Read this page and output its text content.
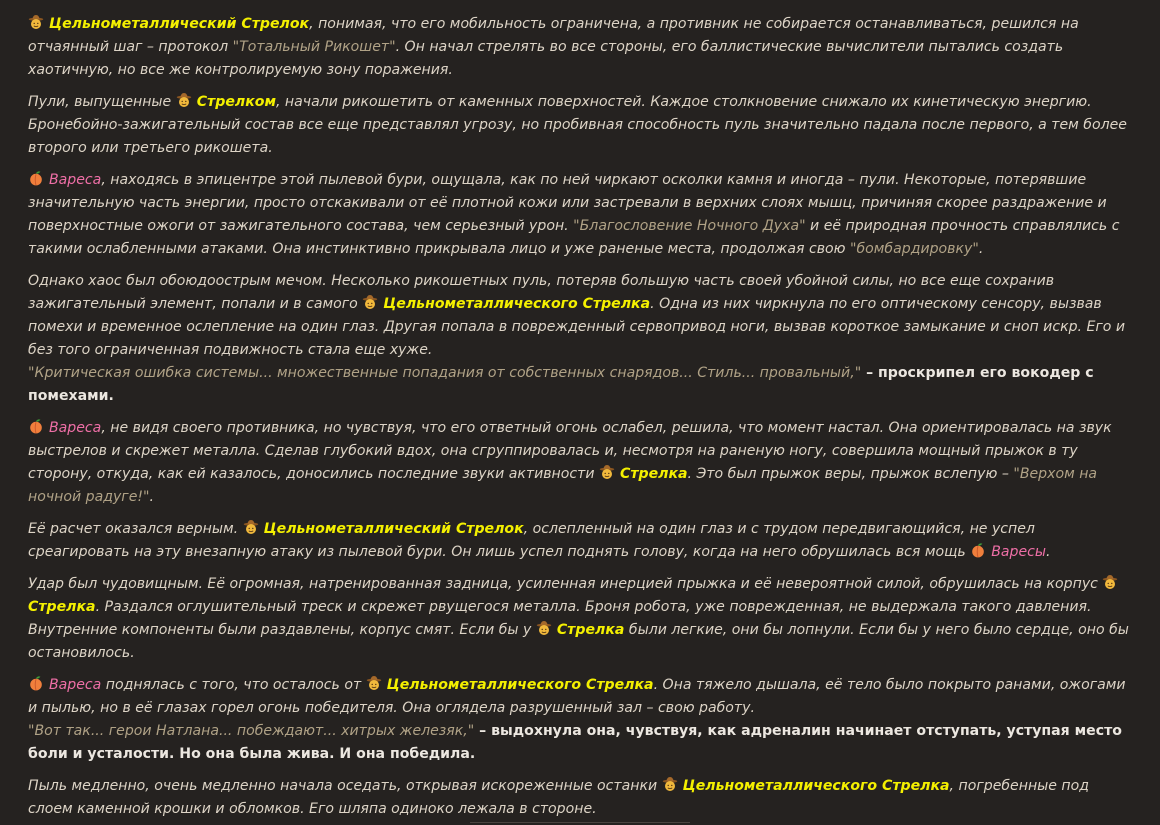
Цельнометаллический Стрелок, понимая, что его мобильность ограничена, а противник не собирается останавливаться, решился на отчаянный шаг – протокол "Тотальный Рикошет". Он начал стрелять во все стороны, его баллистические вычислители пытались создать хаотичную, но все же контролируемую зону поражения.

Пули, выпущенные Стрелком, начали рикошетить от каменных поверхностей. Каждое столкновение снижало их кинетическую энергию. Бронебойно-зажигательный состав все еще представлял угрозу, но пробивная способность пуль значительно падала после первого, а тем более второго или третьего рикошета.

Вареса, находясь в эпицентре этой пылевой бури, ощущала, как по ней чиркают осколки камня и иногда – пули. Некоторые, потерявшие значительную часть энергии, просто отскакивали от её плотной кожи или застревали в верхних слоях мышц, причиняя скорее раздражение и поверхностные ожоги от зажигательного состава, чем серьезный урон. "Благословение Ночного Духа" и её природная прочность справлялись с такими ослабленными атаками. Она инстинктивно прикрывала лицо и уже раненые места, продолжая свою "бомбардировку".

Однако хаос был обоюдоострым мечом. Несколько рикошетных пуль, потеряв большую часть своей убойной силы, но все еще сохранив зажигательный элемент, попали и в самого Цельнометаллического Стрелка. Одна из них чиркнула по его оптическому сенсору, вызвав помехи и временное ослепление на один глаз. Другая попала в поврежденный сервопривод ноги, вызвав короткое замыкание и сноп искр. Его и без того ограниченная подвижность стала еще хуже.
"Критическая ошибка системы... множественные попадания от собственных снарядов... Стиль... провальный," – проскрипел его вокодер с помехами.

Вареса, не видя своего противника, но чувствуя, что его ответный огонь ослабел, решила, что момент настал. Она ориентировалась на звук выстрелов и скрежет металла. Сделав глубокий вдох, она сгруппировалась и, несмотря на раненую ногу, совершила мощный прыжок в ту сторону, откуда, как ей казалось, доносились последние звуки активности Стрелка. Это был прыжок веры, прыжок вслепую – "Верхом на ночной радуге!".

Её расчет оказался верным. Цельнометаллический Стрелок, ослепленный на один глаз и с трудом передвигающийся, не успел среагировать на эту внезапную атаку из пылевой бури. Он лишь успел поднять голову, когда на него обрушилась вся мощь Варесы.

Удар был чудовищным. Её огромная, натренированная задница, усиленная инерцией прыжка и её невероятной силой, обрушилась на корпус Стрелка. Раздался оглушительный треск и скрежет рвущегося металла. Броня робота, уже поврежденная, не выдержала такого давления. Внутренние компоненты были раздавлены, корпус смят. Если бы у Стрелка были легкие, они бы лопнули. Если бы у него было сердце, оно бы остановилось.

Вареса поднялась с того, что осталось от Цельнометаллического Стрелка. Она тяжело дышала, её тело было покрыто ранами, ожогами и пылью, но в её глазах горел огонь победителя. Она оглядела разрушенный зал – свою работу.
"Вот так... герои Натлана... побеждают... хитрых железяк," – выдохнула она, чувствуя, как адреналин начинает отступать, уступая место боли и усталости. Но она была жива. И она победила.

Пыль медленно, очень медленно начала оседать, открывая искореженные останки Цельнометаллического Стрелка, погребенные под слоем каменной крошки и обломков. Его шляпа одиноко лежала в стороне.
